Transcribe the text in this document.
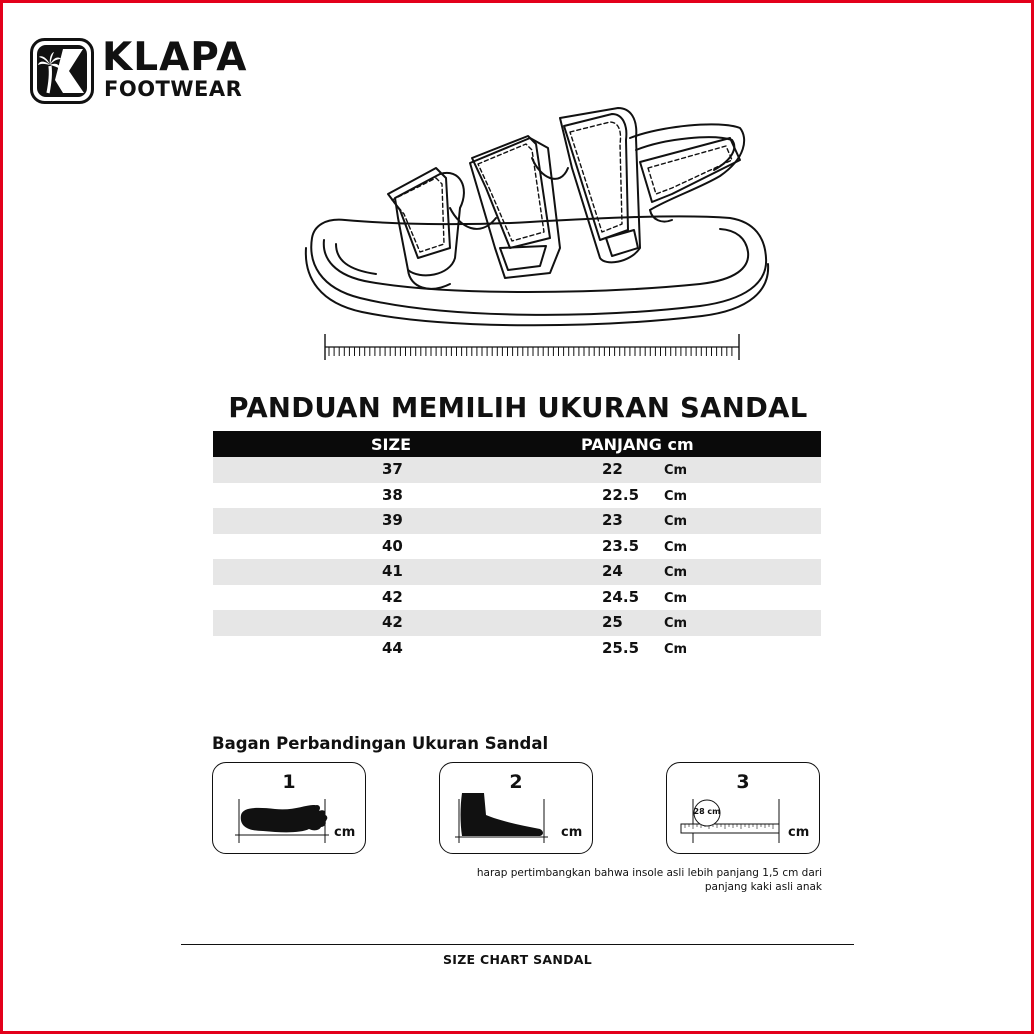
KLAPA
FOOTWEAR
PANDUAN MEMILIH UKURAN SANDAL
SIZE	PANJANG cm
37	22	Cm
38	22.5 Cm
39	23	Cm
40	23.5 Cm
41	24	Cm
42	24.5 Cm
42	25	Cm
44	25.5 Cm
Bagan Perbandingan Ukuran Sandal
1
cm
2
cm
3
28 cm
cm
harap pertimbangkan bahwa insole asli lebih panjang 1,5 cm dari
panjang kaki asli anak
SIZE CHART SANDAL
